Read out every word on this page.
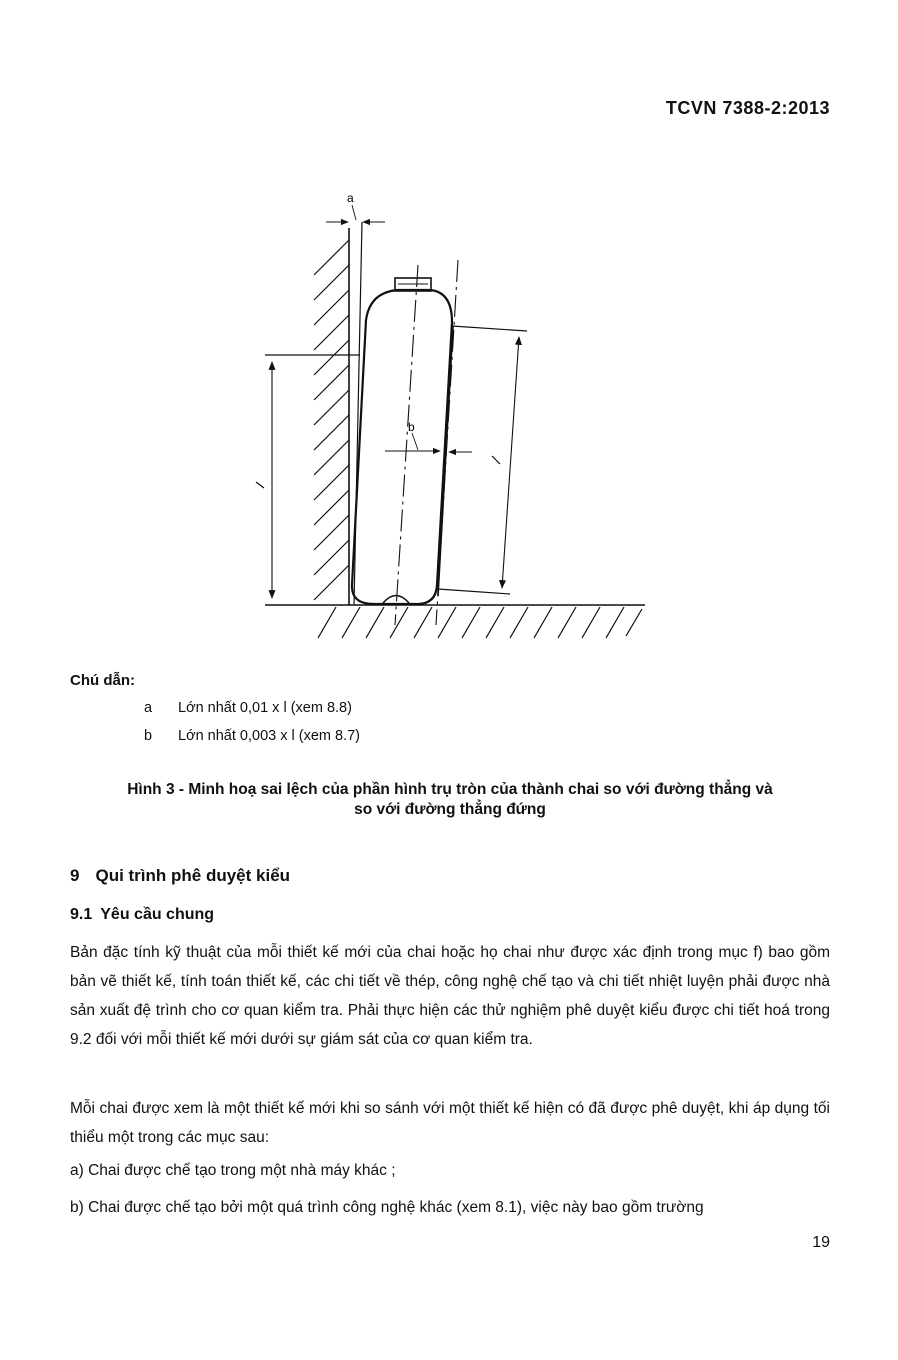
TCVN 7388-2:2013
a
b
Chú dẫn:
a Lớn nhất 0,01 x l (xem 8.8)
b Lớn nhất 0,003 x l (xem 8.7)
Hình 3 - Minh hoạ sai lệch của phần hình trụ tròn của thành chai so với đường thẳng và
so với đường thẳng đứng
9 Qui trình phê duyệt kiểu
9.1 Yêu cầu chung
Bản đặc tính kỹ thuật của mỗi thiết kế mới của chai hoặc họ chai như được xác định trong mục f) bao gồm bản vẽ thiết kế, tính toán thiết kế, các chi tiết về thép, công nghệ chế tạo và chi tiết nhiệt luyện phải được nhà sản xuất đệ trình cho cơ quan kiểm tra. Phải thực hiện các thử nghiệm phê duyệt kiểu được chi tiết hoá trong 9.2 đối với mỗi thiết kế mới dưới sự giám sát của cơ quan kiểm tra.
Mỗi chai được xem là một thiết kế mới khi so sánh với một thiết kế hiện có đã được phê duyệt, khi áp dụng tối thiểu một trong các mục sau:
a) Chai được chế tạo trong một nhà máy khác ;
b) Chai được chế tạo bởi một quá trình công nghệ khác (xem 8.1), việc này bao gồm trường
19
